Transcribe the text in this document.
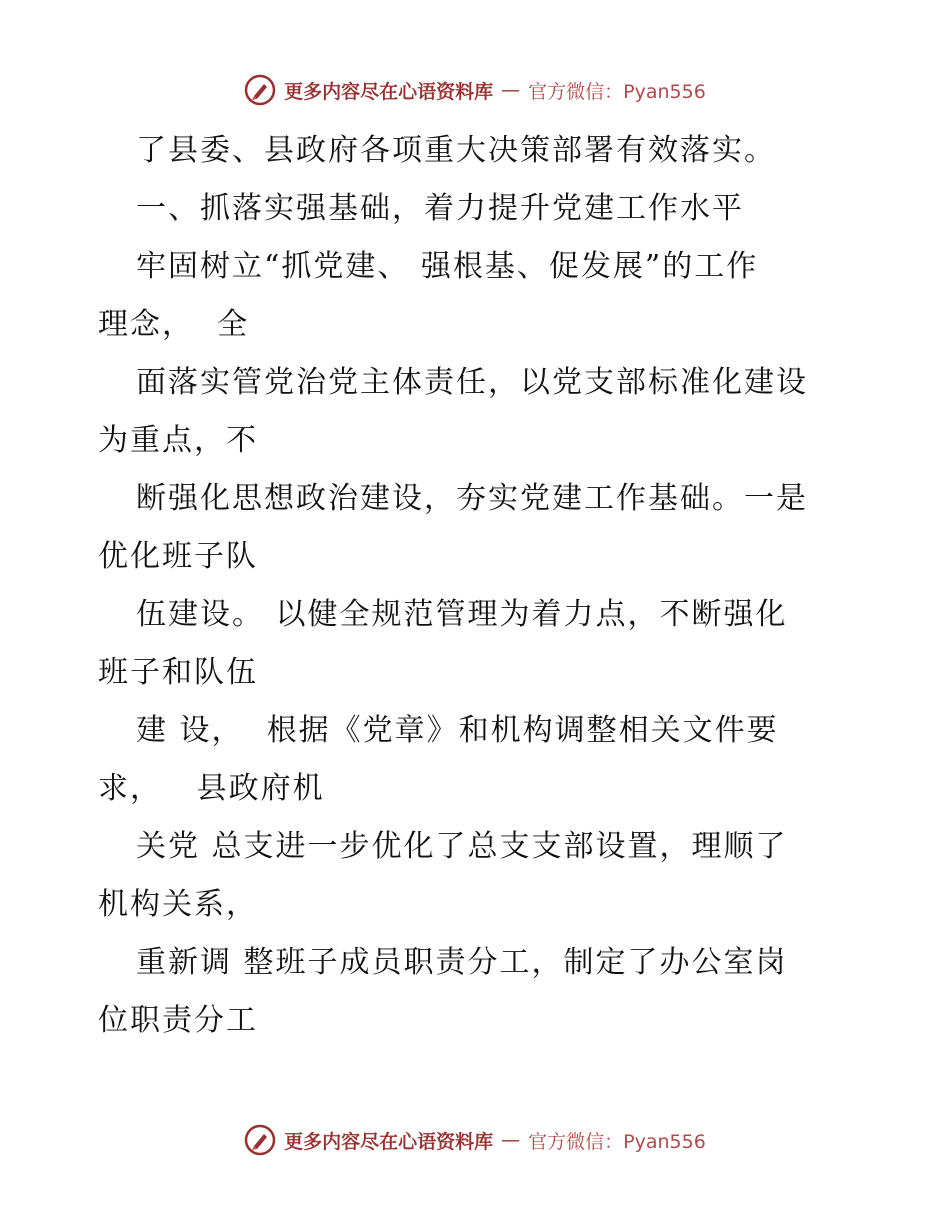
更多内容尽在心语资料库 — 官方微信：Pyan556
了县委、县政府各项重大决策部署有效落实。
一、抓落实强基础，着力提升党建工作水平
牢固树立“抓党建、 强根基、促发展”的工作
理念，  全
面落实管党治党主体责任，以党支部标准化建设
为重点，不
断强化思想政治建设，夯实党建工作基础。一是
优化班子队
伍建设。 以健全规范管理为着力点，不断强化
班子和队伍
建 设，  根据《党章》和机构调整相关文件要
求，   县政府机
关党 总支进一步优化了总支支部设置，理顺了
机构关系，
重新调 整班子成员职责分工，制定了办公室岗
位职责分工
更多内容尽在心语资料库 — 官方微信：Pyan556
